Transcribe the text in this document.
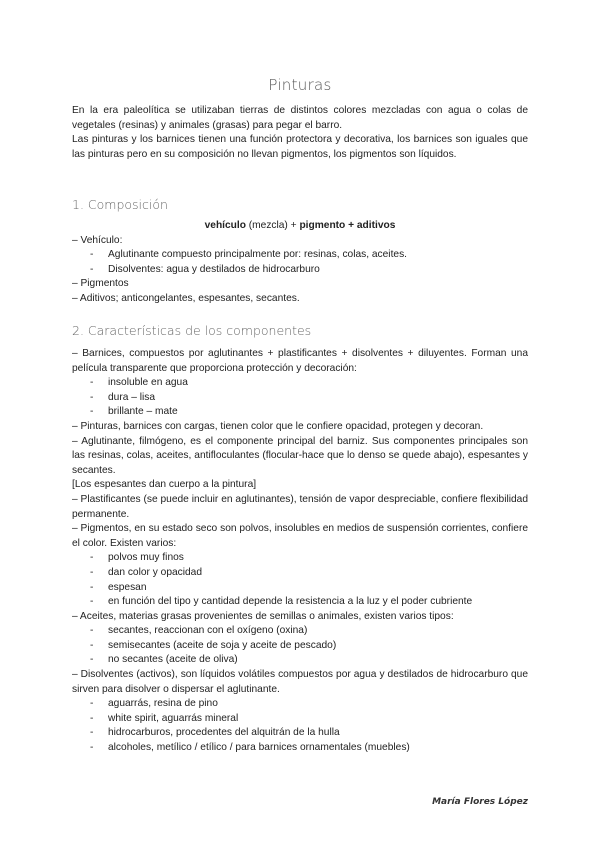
Pinturas
En la era paleolítica se utilizaban tierras de distintos colores mezcladas con agua o colas de vegetales (resinas) y animales (grasas) para pegar el barro.
Las pinturas y los barnices tienen una función protectora y decorativa, los barnices son iguales que las pinturas pero en su composición no llevan pigmentos, los pigmentos son líquidos.
1. Composición
vehículo (mezcla) + pigmento + aditivos
– Vehículo:
- Aglutinante compuesto principalmente por: resinas, colas, aceites.
- Disolventes: agua y destilados de hidrocarburo
– Pigmentos
– Aditivos; anticongelantes, espesantes, secantes.
2. Características de los componentes
– Barnices, compuestos por aglutinantes + plastificantes + disolventes + diluyentes. Forman una película transparente que proporciona protección y decoración:
- insoluble en agua
- dura – lisa
- brillante – mate
– Pinturas, barnices con cargas, tienen color que le confiere opacidad, protegen y decoran.
– Aglutinante, filmógeno, es el componente principal del barniz. Sus componentes principales son las resinas, colas, aceites, antifloculantes (flocular-hace que lo denso se quede abajo), espesantes y secantes.
[Los espesantes dan cuerpo a la pintura]
– Plastificantes (se puede incluir en aglutinantes), tensión de vapor despreciable, confiere flexibilidad permanente.
– Pigmentos, en su estado seco son polvos, insolubles en medios de suspensión corrientes, confiere el color. Existen varios:
- polvos muy finos
- dan color y opacidad
- espesan
- en función del tipo y cantidad depende la resistencia a la luz y el poder cubriente
– Aceites, materias grasas provenientes de semillas o animales, existen varios tipos:
- secantes, reaccionan con el oxígeno (oxina)
- semisecantes (aceite de soja y aceite de pescado)
- no secantes (aceite de oliva)
– Disolventes (activos), son líquidos volátiles compuestos por agua y destilados de hidrocarburo que sirven para disolver o dispersar el aglutinante.
- aguarrás, resina de pino
- white spirit, aguarrás mineral
- hidrocarburos, procedentes del alquitrán de la hulla
- alcoholes, metílico / etílico / para barnices ornamentales (muebles)
María Flores López
